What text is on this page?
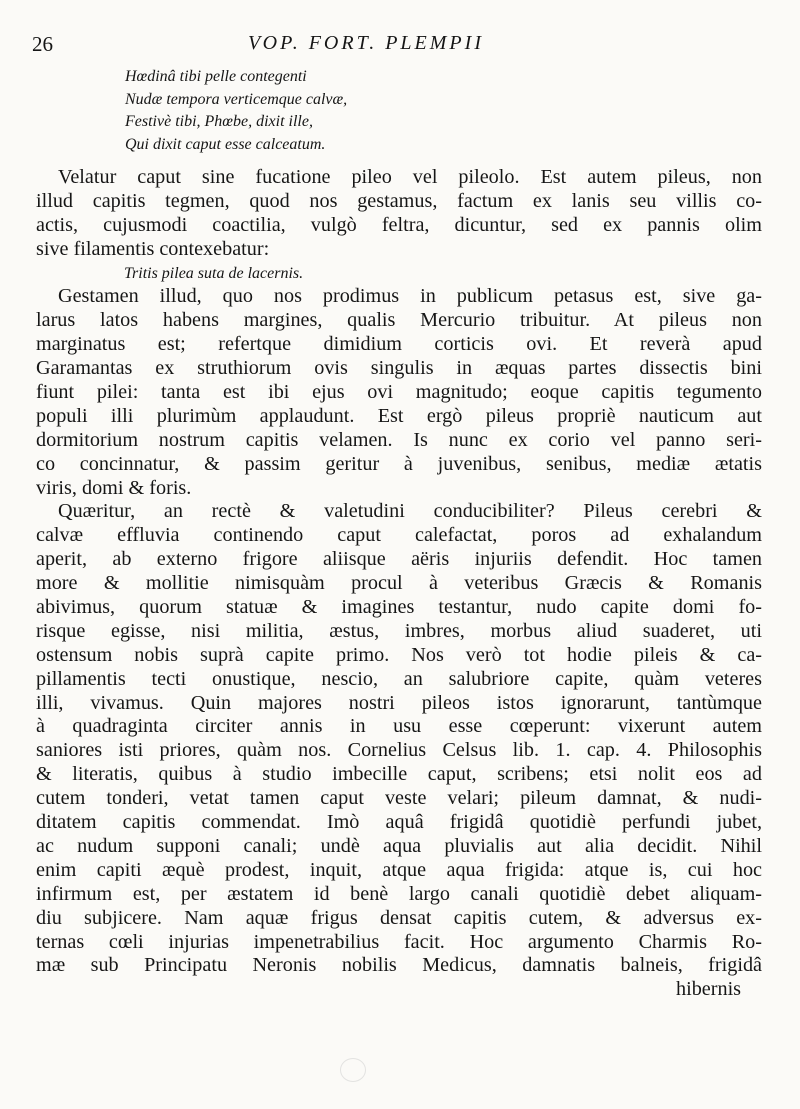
26	VOP. FORT. PLEMPII
Hœdinâ tibi pelle contegenti
Nudæ tempora verticemque calvæ,
Festivè tibi, Phœbe, dixit ille,
Qui dixit caput esse calceatum.
Velatur caput sine fucatione pileo vel pileolo. Est autem pileus, non
illud capitis tegmen, quod nos gestamus, factum ex lanis seu villis co-
actis, cujusmodi coactilia, vulgò feltra, dicuntur, sed ex pannis olim
sive filamentis contexebatur:
Tritis pilea suta de lacernis.
Gestamen illud, quo nos prodimus in publicum petasus est, sive ga-
larus latos habens margines, qualis Mercurio tribuitur. At pileus non
marginatus est; refertque dimidium corticis ovi. Et reverà apud
Garamantas ex struthiorum ovis singulis in æquas partes dissectis bini
fiunt pilei: tanta est ibi ejus ovi magnitudo; eoque capitis tegumento
populi illi plurimùm applaudunt. Est ergò pileus propriè nauticum aut
dormitorium nostrum capitis velamen. Is nunc ex corio vel panno seri-
co concinnatur, & passim geritur à juvenibus, senibus, mediæ ætatis
viris, domi & foris.
Quæritur, an rectè & valetudini conducibiliter? Pileus cerebri &
calvæ effluvia continendo caput calefactat, poros ad exhalandum
aperit, ab externo frigore aliisque aëris injuriis defendit. Hoc tamen
more & mollitie nimisquàm procul à veteribus Græcis & Romanis
abivimus, quorum statuæ & imagines testantur, nudo capite domi fo-
risque egisse, nisi militia, æstus, imbres, morbus aliud suaderet, uti
ostensum nobis suprà capite primo. Nos verò tot hodie pileis & ca-
pillamentis tecti onustique, nescio, an salubriore capite, quàm veteres
illi, vivamus. Quin majores nostri pileos istos ignorarunt, tantùmque
à quadraginta circiter annis in usu esse cœperunt: vixerunt autem
saniores isti priores, quàm nos. Cornelius Celsus lib. 1. cap. 4. Philosophis
& literatis, quibus à studio imbecille caput, scribens; etsi nolit eos ad
cutem tonderi, vetat tamen caput veste velari; pileum damnat, & nudi-
ditatem capitis commendat. Imò aquâ frigidâ quotidiè perfundi jubet,
ac nudum supponi canali; undè aqua pluvialis aut alia decidit. Nihil
enim capiti æquè prodest, inquit, atque aqua frigida: atque is, cui hoc
infirmum est, per æstatem id benè largo canali quotidiè debet aliquam-
diu subjicere. Nam aquæ frigus densat capitis cutem, & adversus ex-
ternas cœli injurias impenetrabilius facit. Hoc argumento Charmis Ro-
mæ sub Principatu Neronis nobilis Medicus, damnatis balneis, frigidâ
hibernis
